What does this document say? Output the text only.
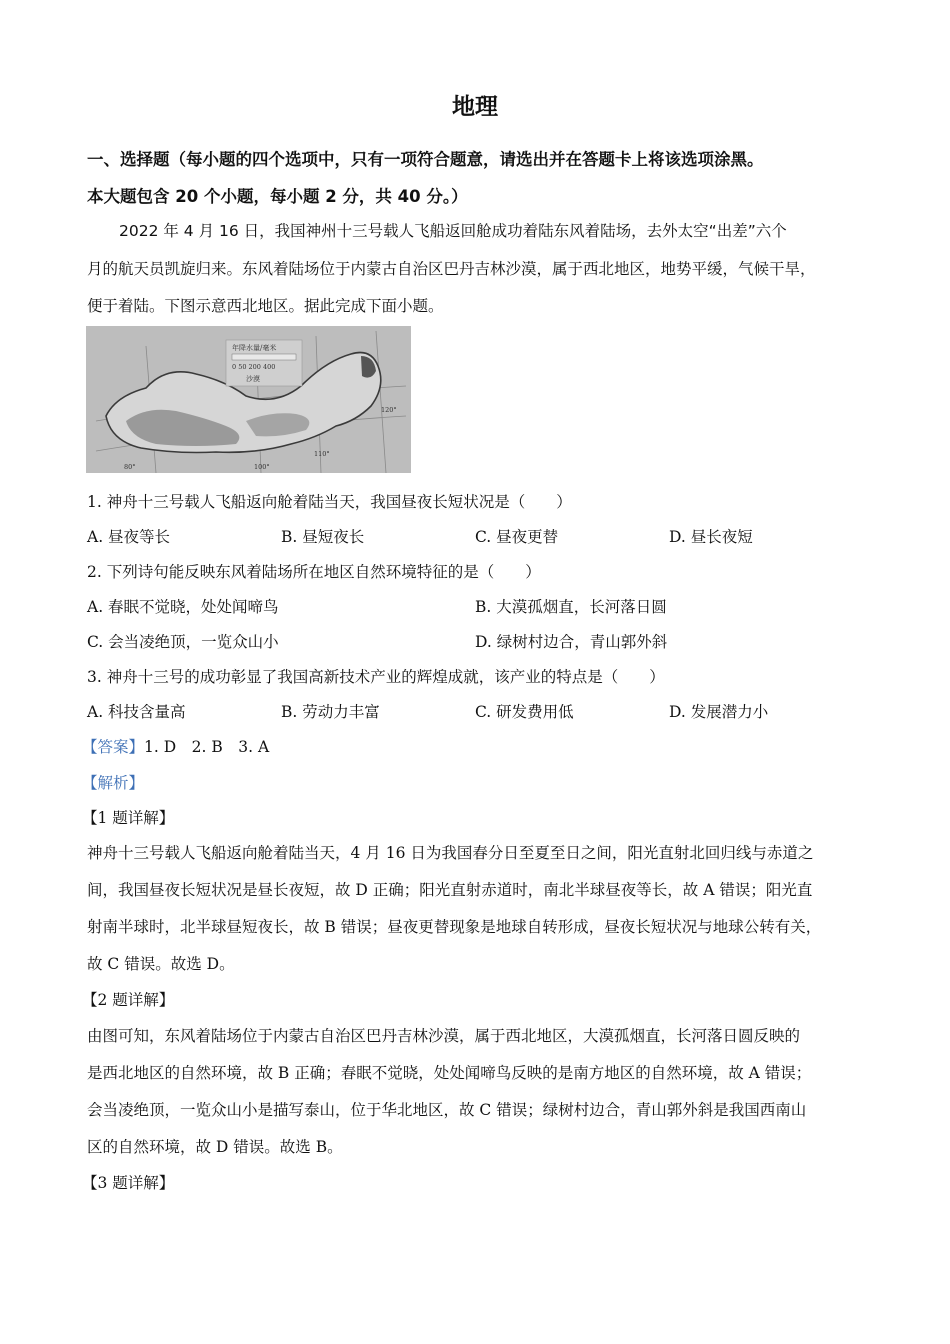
地理
一、选择题（每小题的四个选项中，只有一项符合题意，请选出并在答题卡上将该选项涂黑。
本大题包含 20 个小题，每小题 2 分，共 40 分。）
2022 年 4 月 16 日，我国神州十三号载人飞船返回舱成功着陆东风着陆场，去外太空“出差”六个
月的航天员凯旋归来。东风着陆场位于内蒙古自治区巴丹吉林沙漠，属于西北地区，地势平缓，气候干旱，
便于着陆。下图示意西北地区。据此完成下面小题。
年降水量/毫米
0 50 200 400
沙漠
80°	100°
110°
120°
1. 神舟十三号载人飞船返向舱着陆当天，我国昼夜长短状况是（　　）
A. 昼夜等长	B. 昼短夜长	C. 昼夜更替	D. 昼长夜短
2. 下列诗句能反映东风着陆场所在地区自然环境特征的是（　　）
A. 春眠不觉晓，处处闻啼鸟	B. 大漠孤烟直，长河落日圆
C. 会当凌绝顶，一览众山小	D. 绿树村边合，青山郭外斜
3. 神舟十三号的成功彰显了我国高新技术产业的辉煌成就，该产业的特点是（　　）
A. 科技含量高	B. 劳动力丰富	C. 研发费用低	D. 发展潜力小
【答案】1. D　2. B　3. A
【解析】
【1 题详解】
神舟十三号载人飞船返向舱着陆当天，4 月 16 日为我国春分日至夏至日之间，阳光直射北回归线与赤道之
间，我国昼夜长短状况是昼长夜短，故 D 正确；阳光直射赤道时，南北半球昼夜等长，故 A 错误；阳光直
射南半球时，北半球昼短夜长，故 B 错误；昼夜更替现象是地球自转形成，昼夜长短状况与地球公转有关，
故 C 错误。故选 D。
【2 题详解】
由图可知，东风着陆场位于内蒙古自治区巴丹吉林沙漠，属于西北地区，大漠孤烟直，长河落日圆反映的
是西北地区的自然环境，故 B 正确；春眠不觉晓，处处闻啼鸟反映的是南方地区的自然环境，故 A 错误；
会当凌绝顶，一览众山小是描写泰山，位于华北地区，故 C 错误；绿树村边合，青山郭外斜是我国西南山
区的自然环境，故 D 错误。故选 B。
【3 题详解】
